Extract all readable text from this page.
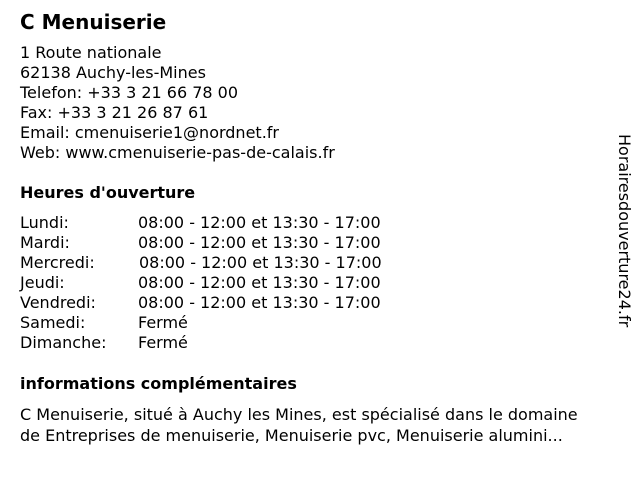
C Menuiserie
1 Route nationale
62138 Auchy-les-Mines
Telefon: +33 3 21 66 78 00
Fax: +33 3 21 26 87 61
Email: cmenuiserie1@nordnet.fr
Web: www.cmenuiserie-pas-de-calais.fr
Heures d'ouverture
Lundi:	08:00 - 12:00 et 13:30 - 17:00
Mardi:	08:00 - 12:00 et 13:30 - 17:00
Mercredi:	08:00 - 12:00 et 13:30 - 17:00
Jeudi:	08:00 - 12:00 et 13:30 - 17:00
Vendredi:	08:00 - 12:00 et 13:30 - 17:00
Samedi:	Fermé
Dimanche: Fermé
informations complémentaires
C Menuiserie, situé à Auchy les Mines, est spécialisé dans le domaine
de Entreprises de menuiserie, Menuiserie pvc, Menuiserie alumini...
Horairesdouverture24.fr
